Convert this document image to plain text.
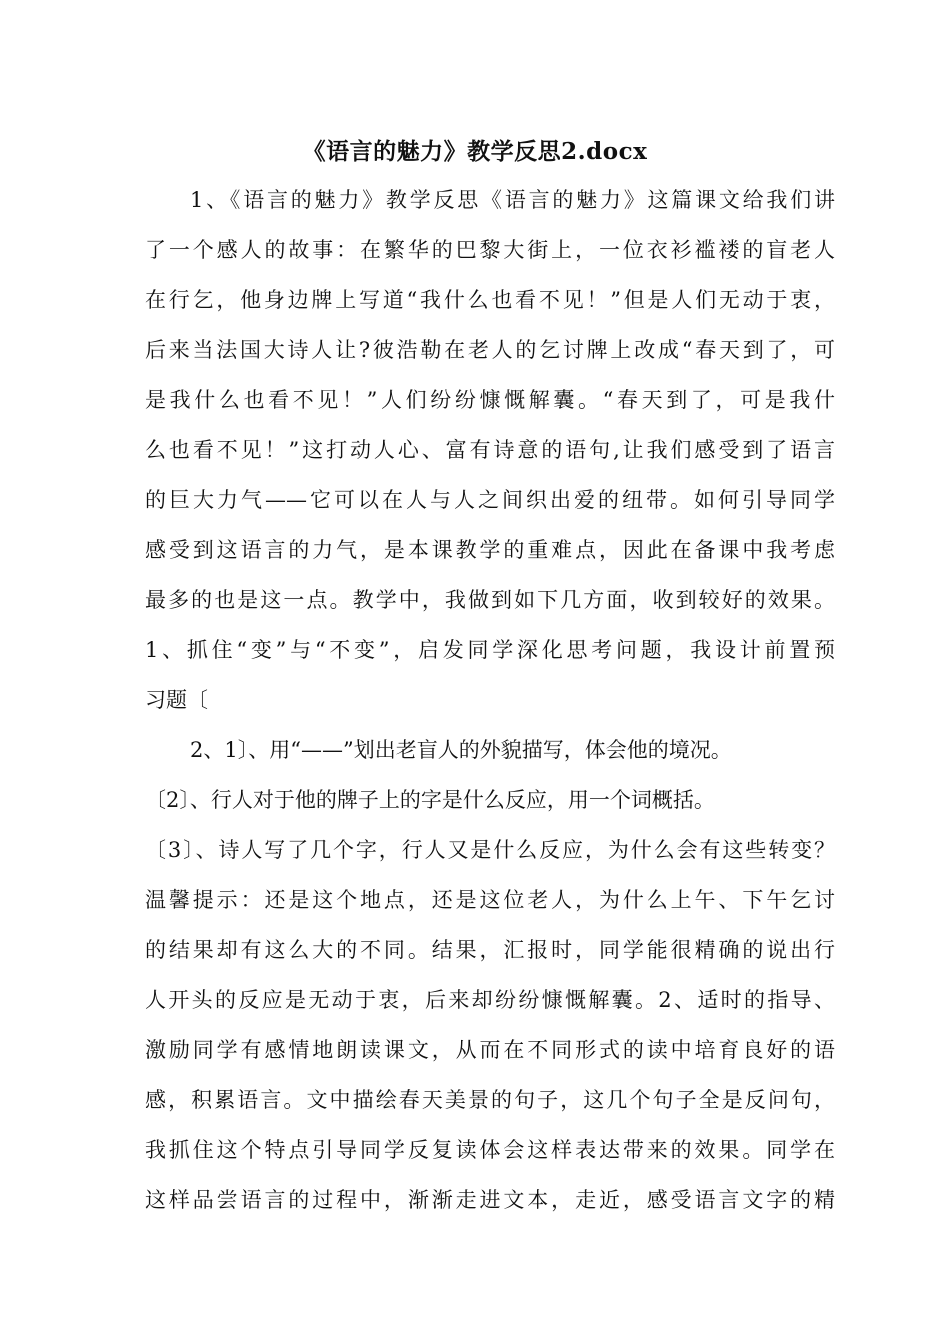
《语言的魅力》教学反思2.docx
1、《语言的魅力》教学反思《语言的魅力》这篇课文给我们讲
了一个感人的故事：在繁华的巴黎大街上，一位衣衫褴褛的盲老人
在行乞，他身边牌上写道“我什么也看不见！”但是人们无动于衷，
后来当法国大诗人让?彼浩勒在老人的乞讨牌上改成“春天到了，可
是我什么也看不见！”人们纷纷慷慨解囊。“春天到了，可是我什
么也看不见！”这打动人心、富有诗意的语句,让我们感受到了语言
的巨大力气——它可以在人与人之间织出爱的纽带。如何引导同学
感受到这语言的力气，是本课教学的重难点，因此在备课中我考虑
最多的也是这一点。教学中，我做到如下几方面，收到较好的效果。
1、抓住“变”与“不变”，启发同学深化思考问题，我设计前置预
习题〔
2、1〕、用“——”划出老盲人的外貌描写，体会他的境况。
〔2〕、行人对于他的牌子上的字是什么反应，用一个词概括。
〔3〕、诗人写了几个字，行人又是什么反应，为什么会有这些转变？
温馨提示：还是这个地点，还是这位老人，为什么上午、下午乞讨
的结果却有这么大的不同。结果，汇报时，同学能很精确的说出行
人开头的反应是无动于衷，后来却纷纷慷慨解囊。2、适时的指导、
激励同学有感情地朗读课文，从而在不同形式的读中培育良好的语
感，积累语言。文中描绘春天美景的句子，这几个句子全是反问句，
我抓住这个特点引导同学反复读体会这样表达带来的效果。同学在
这样品尝语言的过程中，渐渐走进文本，走近，感受语言文字的精
